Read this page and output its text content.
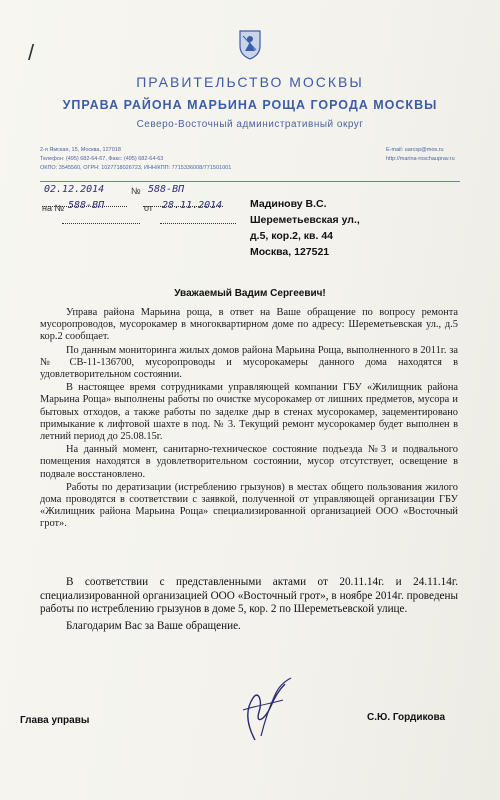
/
ПРАВИТЕЛЬСТВО МОСКВЫ
УПРАВА РАЙОНА МАРЬИНА РОЩА ГОРОДА МОСКВЫ
Северо-Восточный административный округ
2-я Ямская, 15, Москва, 127018
Телефон: (495) 682-64-67, Факс: (495) 682-64-63
ОКПО: 3545560, ОГРН: 1027718026723, ИНН/КПП: 7715336008/771501001
E-mail: uarcsp@mos.ru
http://marina-roschauprav.ru
02.12.2014	№ 588-ВП
на № 588-ВП	от 28.11.2014	Мадинову В.С.
Шереметьевская ул.,
д.5, кор.2, кв. 44
Москва, 127521
Уважаемый Вадим Сергеевич!

Управа района Марьина роща, в ответ на Ваше обращение по вопросу ремонта мусоропроводов, мусорокамер в многоквартирном доме по адресу: Шереметьевская ул., д.5 кор.2 сообщает.

По данным мониторинга жилых домов района Марьина Роща, выполненного в 2011г. за № СВ-11-136700, мусоропроводы и мусорокамеры данного дома находятся в удовлетворительном состоянии.

В настоящее время сотрудниками управляющей компании ГБУ «Жилищник района Марьина Роща» выполнены работы по очистке мусорокамер от лишних предметов, мусора и бытовых отходов, а также работы по заделке дыр в стенах мусорокамер, зацементировано примыкание к лифтовой шахте в под. № 3. Текущий ремонт мусорокамер будет выполнен в летний период до 25.08.15г.

На данный момент, санитарно-техническое состояние подъезда №3 и подвального помещения находятся в удовлетворительном состоянии, мусор отсутствует, освещение в подвале восстановлено.

Работы по дератизации (истреблению грызунов) в местах общего пользования жилого дома проводятся в соответствии с заявкой, полученной от управляющей организации ГБУ «Жилищник района Марьина Роща» специализированной организацией ООО «Восточный грот».

В соответствии с представленными актами от 20.11.14г. и 24.11.14г. специализированной организацией ООО «Восточный грот», в ноябре 2014г. проведены работы по истреблению грызунов в доме 5, кор. 2 по Шереметьевской улице.

Благодарим Вас за Ваше обращение.

Глава управы	С.Ю. Гордикова
